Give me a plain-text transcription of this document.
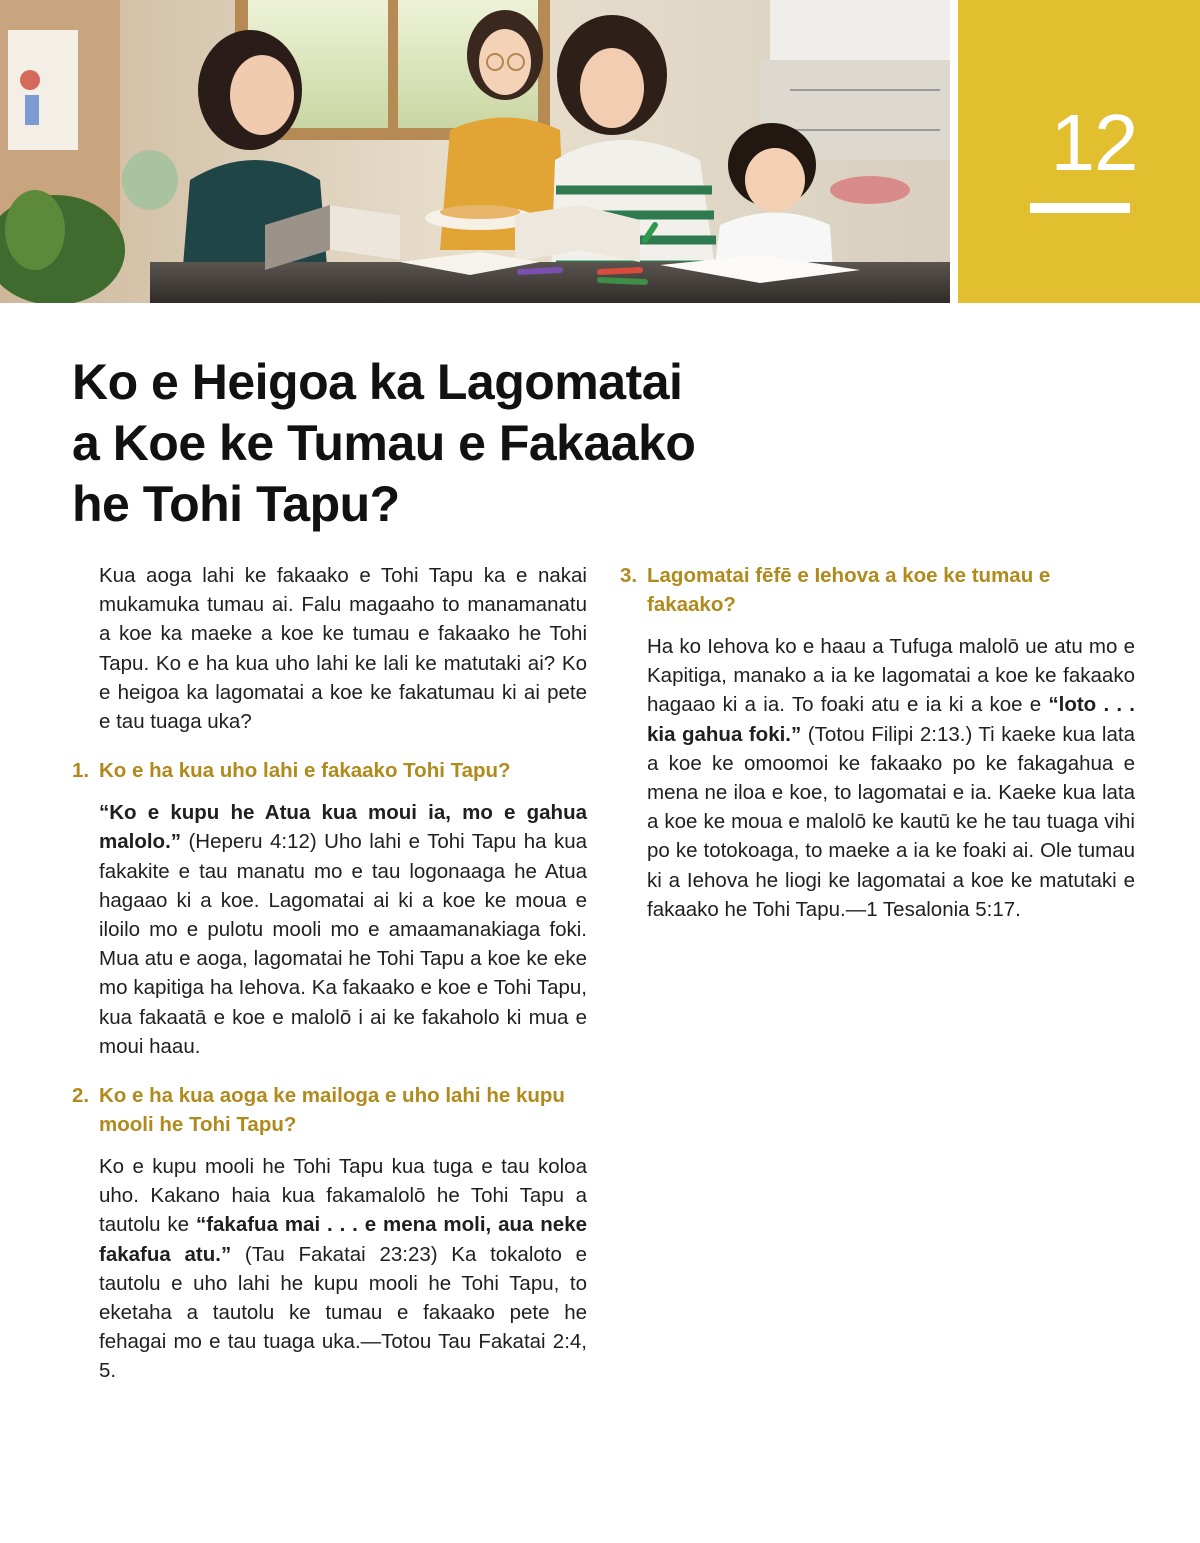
12
Ko e Heigoa ka Lagomatai
a Koe ke Tumau e Fakaako
he Tohi Tapu?

Kua aoga lahi ke fakaako e Tohi Tapu ka e nakai mukamuka tumau ai. Falu magaaho to manamanatu a koe ka maeke a koe ke tumau e fakaako he Tohi Tapu. Ko e ha kua uho lahi ke lali ke matutaki ai? Ko e heigoa ka lagomatai a koe ke fakatumau ki ai pete e tau tuaga uka?

1. Ko e ha kua uho lahi e fakaako Tohi Tapu?

“Ko e kupu he Atua kua moui ia, mo e gahua malolo.” (Heperu 4:12) Uho lahi e Tohi Tapu ha kua fakakite e tau manatu mo e tau logonaaga he Atua hagaao ki a koe. Lagomatai ai ki a koe ke moua e iloilo mo e pulotu mooli mo e amaamanakiaga foki. Mua atu e aoga, lagomatai he Tohi Tapu a koe ke eke mo kapitiga ha Iehova. Ka fakaako e koe e Tohi Tapu, kua fakaatā e koe e malolō i ai ke fakaholo ki mua e moui haau.

2. Ko e ha kua aoga ke mailoga e uho lahi he kupu mooli he Tohi Tapu?

Ko e kupu mooli he Tohi Tapu kua tuga e tau koloa uho. Kakano haia kua fakamalolō he Tohi Tapu a tautolu ke “fakafua mai . . . e mena moli, aua neke fakafua atu.” (Tau Fakatai 23:23) Ka tokaloto e tautolu e uho lahi he kupu mooli he Tohi Tapu, to eketaha a tautolu ke tumau e fakaako pete he fehagai mo e tau tuaga uka.—Totou Tau Fakatai 2:4, 5.

3. Lagomatai fēfē e Iehova a koe ke tumau e fakaako?

Ha ko Iehova ko e haau a Tufuga malolō ue atu mo e Kapitiga, manako a ia ke lagomatai a koe ke fakaako hagaao ki a ia. To foaki atu e ia ki a koe e “loto . . . kia gahua foki.” (Totou Filipi 2:13.) Ti kaeke kua lata a koe ke omoomoi ke fakaako po ke fakagahua e mena ne iloa e koe, to lagomatai e ia. Kaeke kua lata a koe ke moua e malolō ke kautū ke he tau tuaga vihi po ke totokoaga, to maeke a ia ke foaki ai. Ole tumau ki a Iehova he liogi ke lagomatai a koe ke matutaki e fakaako he Tohi Tapu.—1 Tesalonia 5:17.
